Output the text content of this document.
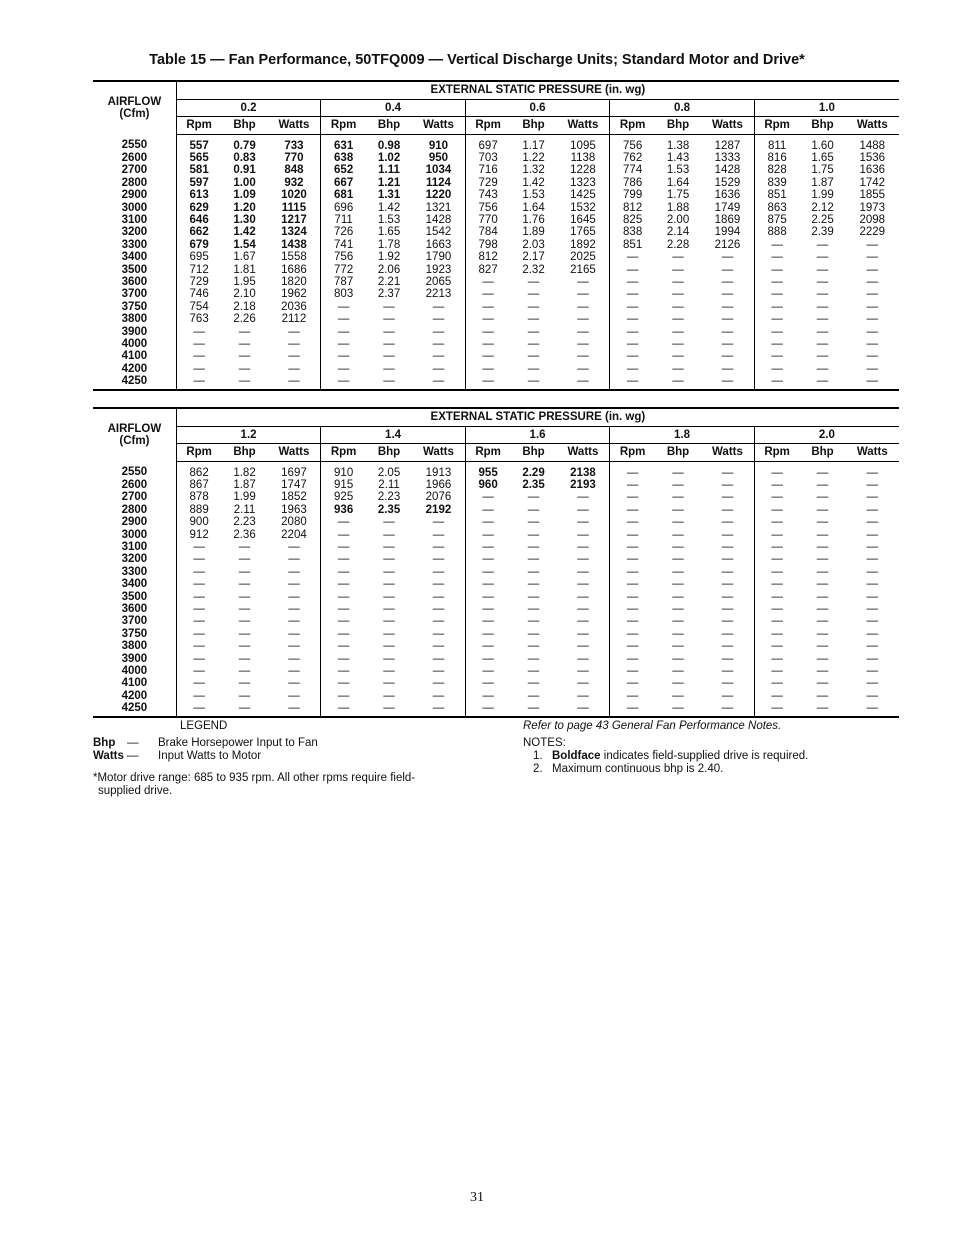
Table 15 — Fan Performance, 50TFQ009 — Vertical Discharge Units; Standard Motor and Drive*
AIRFLOW
(Cfm)	EXTERNAL STATIC PRESSURE (in. wg)														
	0.2			0.4			0.6			0.8			1.0		
	Rpm	Bhp	Watts	Rpm	Bhp	Watts	Rpm	Bhp	Watts	Rpm	Bhp	Watts	Rpm	Bhp	Watts
2550	557	0.79	733	631	0.98	910	697	1.17	1095	756	1.38	1287	811	1.60	1488
2600	565	0.83	770	638	1.02	950	703	1.22	1138	762	1.43	1333	816	1.65	1536
2700	581	0.91	848	652	1.11	1034	716	1.32	1228	774	1.53	1428	828	1.75	1636
2800	597	1.00	932	667	1.21	1124	729	1.42	1323	786	1.64	1529	839	1.87	1742
2900	613	1.09	1020	681	1.31	1220	743	1.53	1425	799	1.75	1636	851	1.99	1855
3000	629	1.20	1115	696	1.42	1321	756	1.64	1532	812	1.88	1749	863	2.12	1973
3100	646	1.30	1217	711	1.53	1428	770	1.76	1645	825	2.00	1869	875	2.25	2098
3200	662	1.42	1324	726	1.65	1542	784	1.89	1765	838	2.14	1994	888	2.39	2229
3300	679	1.54	1438	741	1.78	1663	798	2.03	1892	851	2.28	2126	—	—	—
3400	695	1.67	1558	756	1.92	1790	812	2.17	2025	—	—	—	—	—	—
3500	712	1.81	1686	772	2.06	1923	827	2.32	2165	—	—	—	—	—	—
3600	729	1.95	1820	787	2.21	2065	—	—	—	—	—	—	—	—	—
3700	746	2.10	1962	803	2.37	2213	—	—	—	—	—	—	—	—	—
3750	754	2.18	2036	—	—	—	—	—	—	—	—	—	—	—	—
3800	763	2.26	2112	—	—	—	—	—	—	—	—	—	—	—	—
3900	—	—	—	—	—	—	—	—	—	—	—	—	—	—	—
4000	—	—	—	—	—	—	—	—	—	—	—	—	—	—	—
4100	—	—	—	—	—	—	—	—	—	—	—	—	—	—	—
4200	—	—	—	—	—	—	—	—	—	—	—	—	—	—	—
4250	—	—	—	—	—	—	—	—	—	—	—	—	—	—	—
AIRFLOW
(Cfm)	EXTERNAL STATIC PRESSURE (in. wg)														
	1.2			1.4			1.6			1.8			2.0		
	Rpm	Bhp	Watts	Rpm	Bhp	Watts	Rpm	Bhp	Watts	Rpm	Bhp	Watts	Rpm	Bhp	Watts
2550	862	1.82	1697	910	2.05	1913	955	2.29	2138	—	—	—	—	—	—
2600	867	1.87	1747	915	2.11	1966	960	2.35	2193	—	—	—	—	—	—
2700	878	1.99	1852	925	2.23	2076	—	—	—	—	—	—	—	—	—
2800	889	2.11	1963	936	2.35	2192	—	—	—	—	—	—	—	—	—
2900	900	2.23	2080	—	—	—	—	—	—	—	—	—	—	—	—
3000	912	2.36	2204	—	—	—	—	—	—	—	—	—	—	—	—
3100	—	—	—	—	—	—	—	—	—	—	—	—	—	—	—
3200	—	—	—	—	—	—	—	—	—	—	—	—	—	—	—
3300	—	—	—	—	—	—	—	—	—	—	—	—	—	—	—
3400	—	—	—	—	—	—	—	—	—	—	—	—	—	—	—
3500	—	—	—	—	—	—	—	—	—	—	—	—	—	—	—
3600	—	—	—	—	—	—	—	—	—	—	—	—	—	—	—
3700	—	—	—	—	—	—	—	—	—	—	—	—	—	—	—
3750	—	—	—	—	—	—	—	—	—	—	—	—	—	—	—
3800	—	—	—	—	—	—	—	—	—	—	—	—	—	—	—
3900	—	—	—	—	—	—	—	—	—	—	—	—	—	—	—
4000	—	—	—	—	—	—	—	—	—	—	—	—	—	—	—
4100	—	—	—	—	—	—	—	—	—	—	—	—	—	—	—
4200	—	—	—	—	—	—	—	—	—	—	—	—	—	—	—
4250	—	—	—	—	—	—	—	—	—	—	—	—	—	—	—
LEGEND
Bhp — Brake Horsepower Input to Fan
Watts — Input Watts to Motor
*Motor drive range: 685 to 935 rpm. All other rpms require field-
supplied drive.
Refer to page 43 General Fan Performance Notes.
NOTES:
1. Boldface indicates field-supplied drive is required.
2. Maximum continuous bhp is 2.40.
31
